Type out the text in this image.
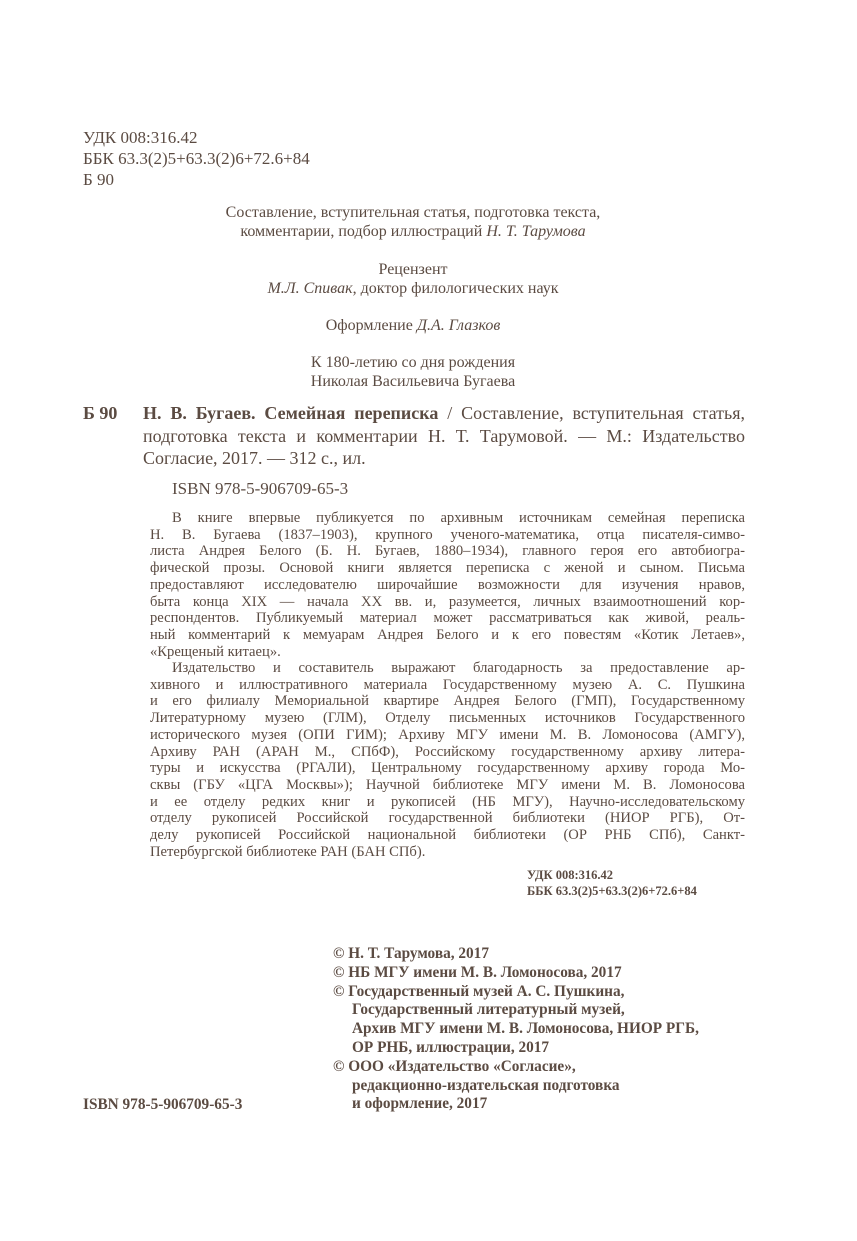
УДК 008:316.42
ББК 63.3(2)5+63.3(2)6+72.6+84
Б 90
Составление, вступительная статья, подготовка текста,
комментарии, подбор иллюстраций Н. Т. Тарумова
Рецензент
М.Л. Спивак, доктор филологических наук
Оформление Д.А. Глазков
К 180-летию со дня рождения
Николая Васильевича Бугаева
Б 90 Н. В. Бугаев. Семейная переписка / Составление, вступительная статья,
подготовка текста и комментарии Н. Т. Тарумовой. — М.: Издательство
Согласие, 2017. — 312 с., ил.
ISBN 978-5-906709-65-3
В книге впервые публикуется по архивным источникам семейная переписка
Н. В. Бугаева (1837–1903), крупного ученого-математика, отца писателя-симво-
листа Андрея Белого (Б. Н. Бугаев, 1880–1934), главного героя его автобиогра-
фической прозы. Основой книги является переписка с женой и сыном. Письма
предоставляют исследователю широчайшие возможности для изучения нравов,
быта конца XIX — начала XX вв. и, разумеется, личных взаимоотношений кор-
респондентов. Публикуемый материал может рассматриваться как живой, реаль-
ный комментарий к мемуарам Андрея Белого и к его повестям «Котик Летаев»,
«Крещеный китаец».
Издательство и составитель выражают благодарность за предоставление ар-
хивного и иллюстративного материала Государственному музею А. С. Пушкина
и его филиалу Мемориальной квартире Андрея Белого (ГМП), Государственному
Литературному музею (ГЛМ), Отделу письменных источников Государственного
исторического музея (ОПИ ГИМ); Архиву МГУ имени М. В. Ломоносова (АМГУ),
Архиву РАН (АРАН М., СПбФ), Российскому государственному архиву литера-
туры и искусства (РГАЛИ), Центральному государственному архиву города Мо-
сквы (ГБУ «ЦГА Москвы»); Научной библиотеке МГУ имени М. В. Ломоносова
и ее отделу редких книг и рукописей (НБ МГУ), Научно-исследовательскому
отделу рукописей Российской государственной библиотеки (НИОР РГБ), От-
делу рукописей Российской национальной библиотеки (ОР РНБ СПб), Санкт-
Петербургской библиотеке РАН (БАН СПб).
УДК 008:316.42
ББК 63.3(2)5+63.3(2)6+72.6+84
© Н. Т. Тарумова, 2017
© НБ МГУ имени М. В. Ломоносова, 2017
© Государственный музей А. С. Пушкина,
Государственный литературный музей,
Архив МГУ имени М. В. Ломоносова, НИОР РГБ,
ОР РНБ, иллюстрации, 2017
© ООО «Издательство «Согласие»,
редакционно-издательская подготовка
и оформление, 2017
ISBN 978-5-906709-65-3
